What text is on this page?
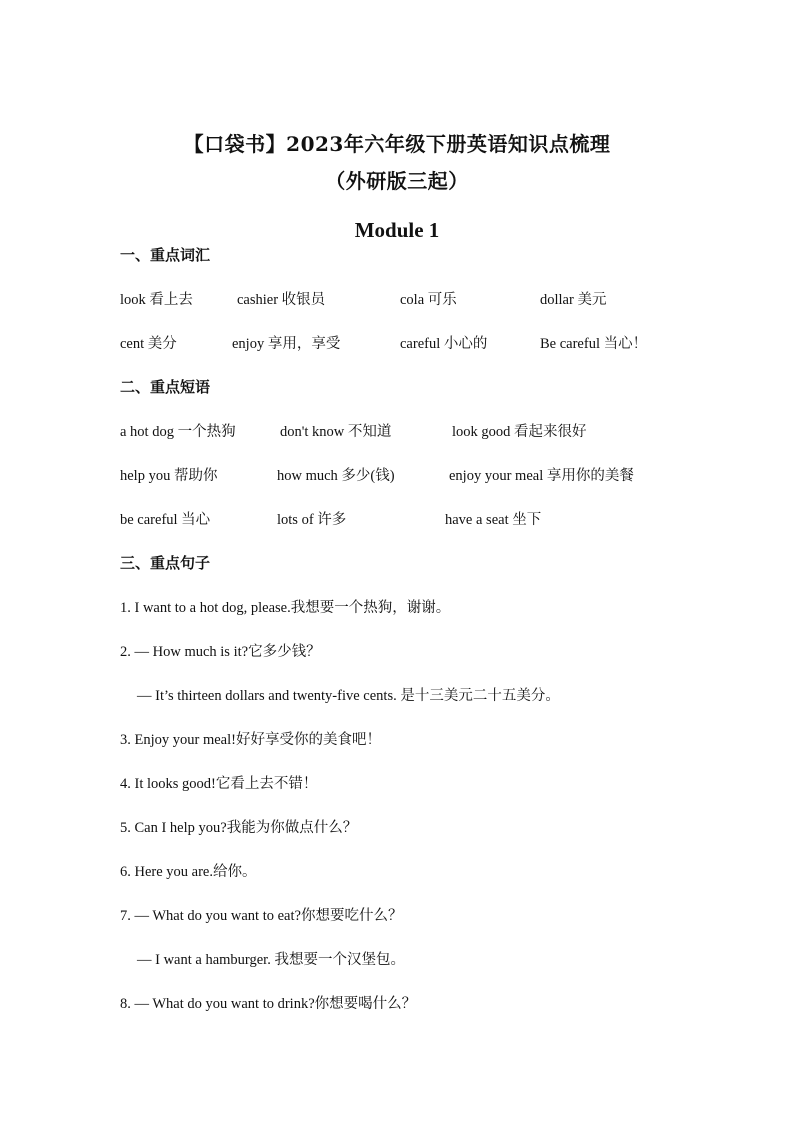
【口袋书】2023年六年级下册英语知识点梳理
（外研版三起）
Module 1
一、重点词汇
look 看上去	cashier 收银员	cola 可乐	dollar 美元
cent 美分	enjoy 享用，享受	careful 小心的	Be careful 当心！
二、重点短语
a hot dog 一个热狗	don't know 不知道	look good 看起来很好
help you 帮助你	how much 多少(钱)	enjoy your meal 享用你的美餐
be careful 当心	lots of 许多	have a seat 坐下
三、重点句子
1. I want to a hot dog, please.我想要一个热狗，谢谢。
2. — How much is it?它多少钱？
— It’s thirteen dollars and twenty-five cents. 是十三美元二十五美分。
3. Enjoy your meal!好好享受你的美食吧！
4. It looks good!它看上去不错！
5. Can I help you?我能为你做点什么？
6. Here you are.给你。
7. — What do you want to eat?你想要吃什么？
— I want a hamburger. 我想要一个汉堡包。
8. — What do you want to drink?你想要喝什么？
